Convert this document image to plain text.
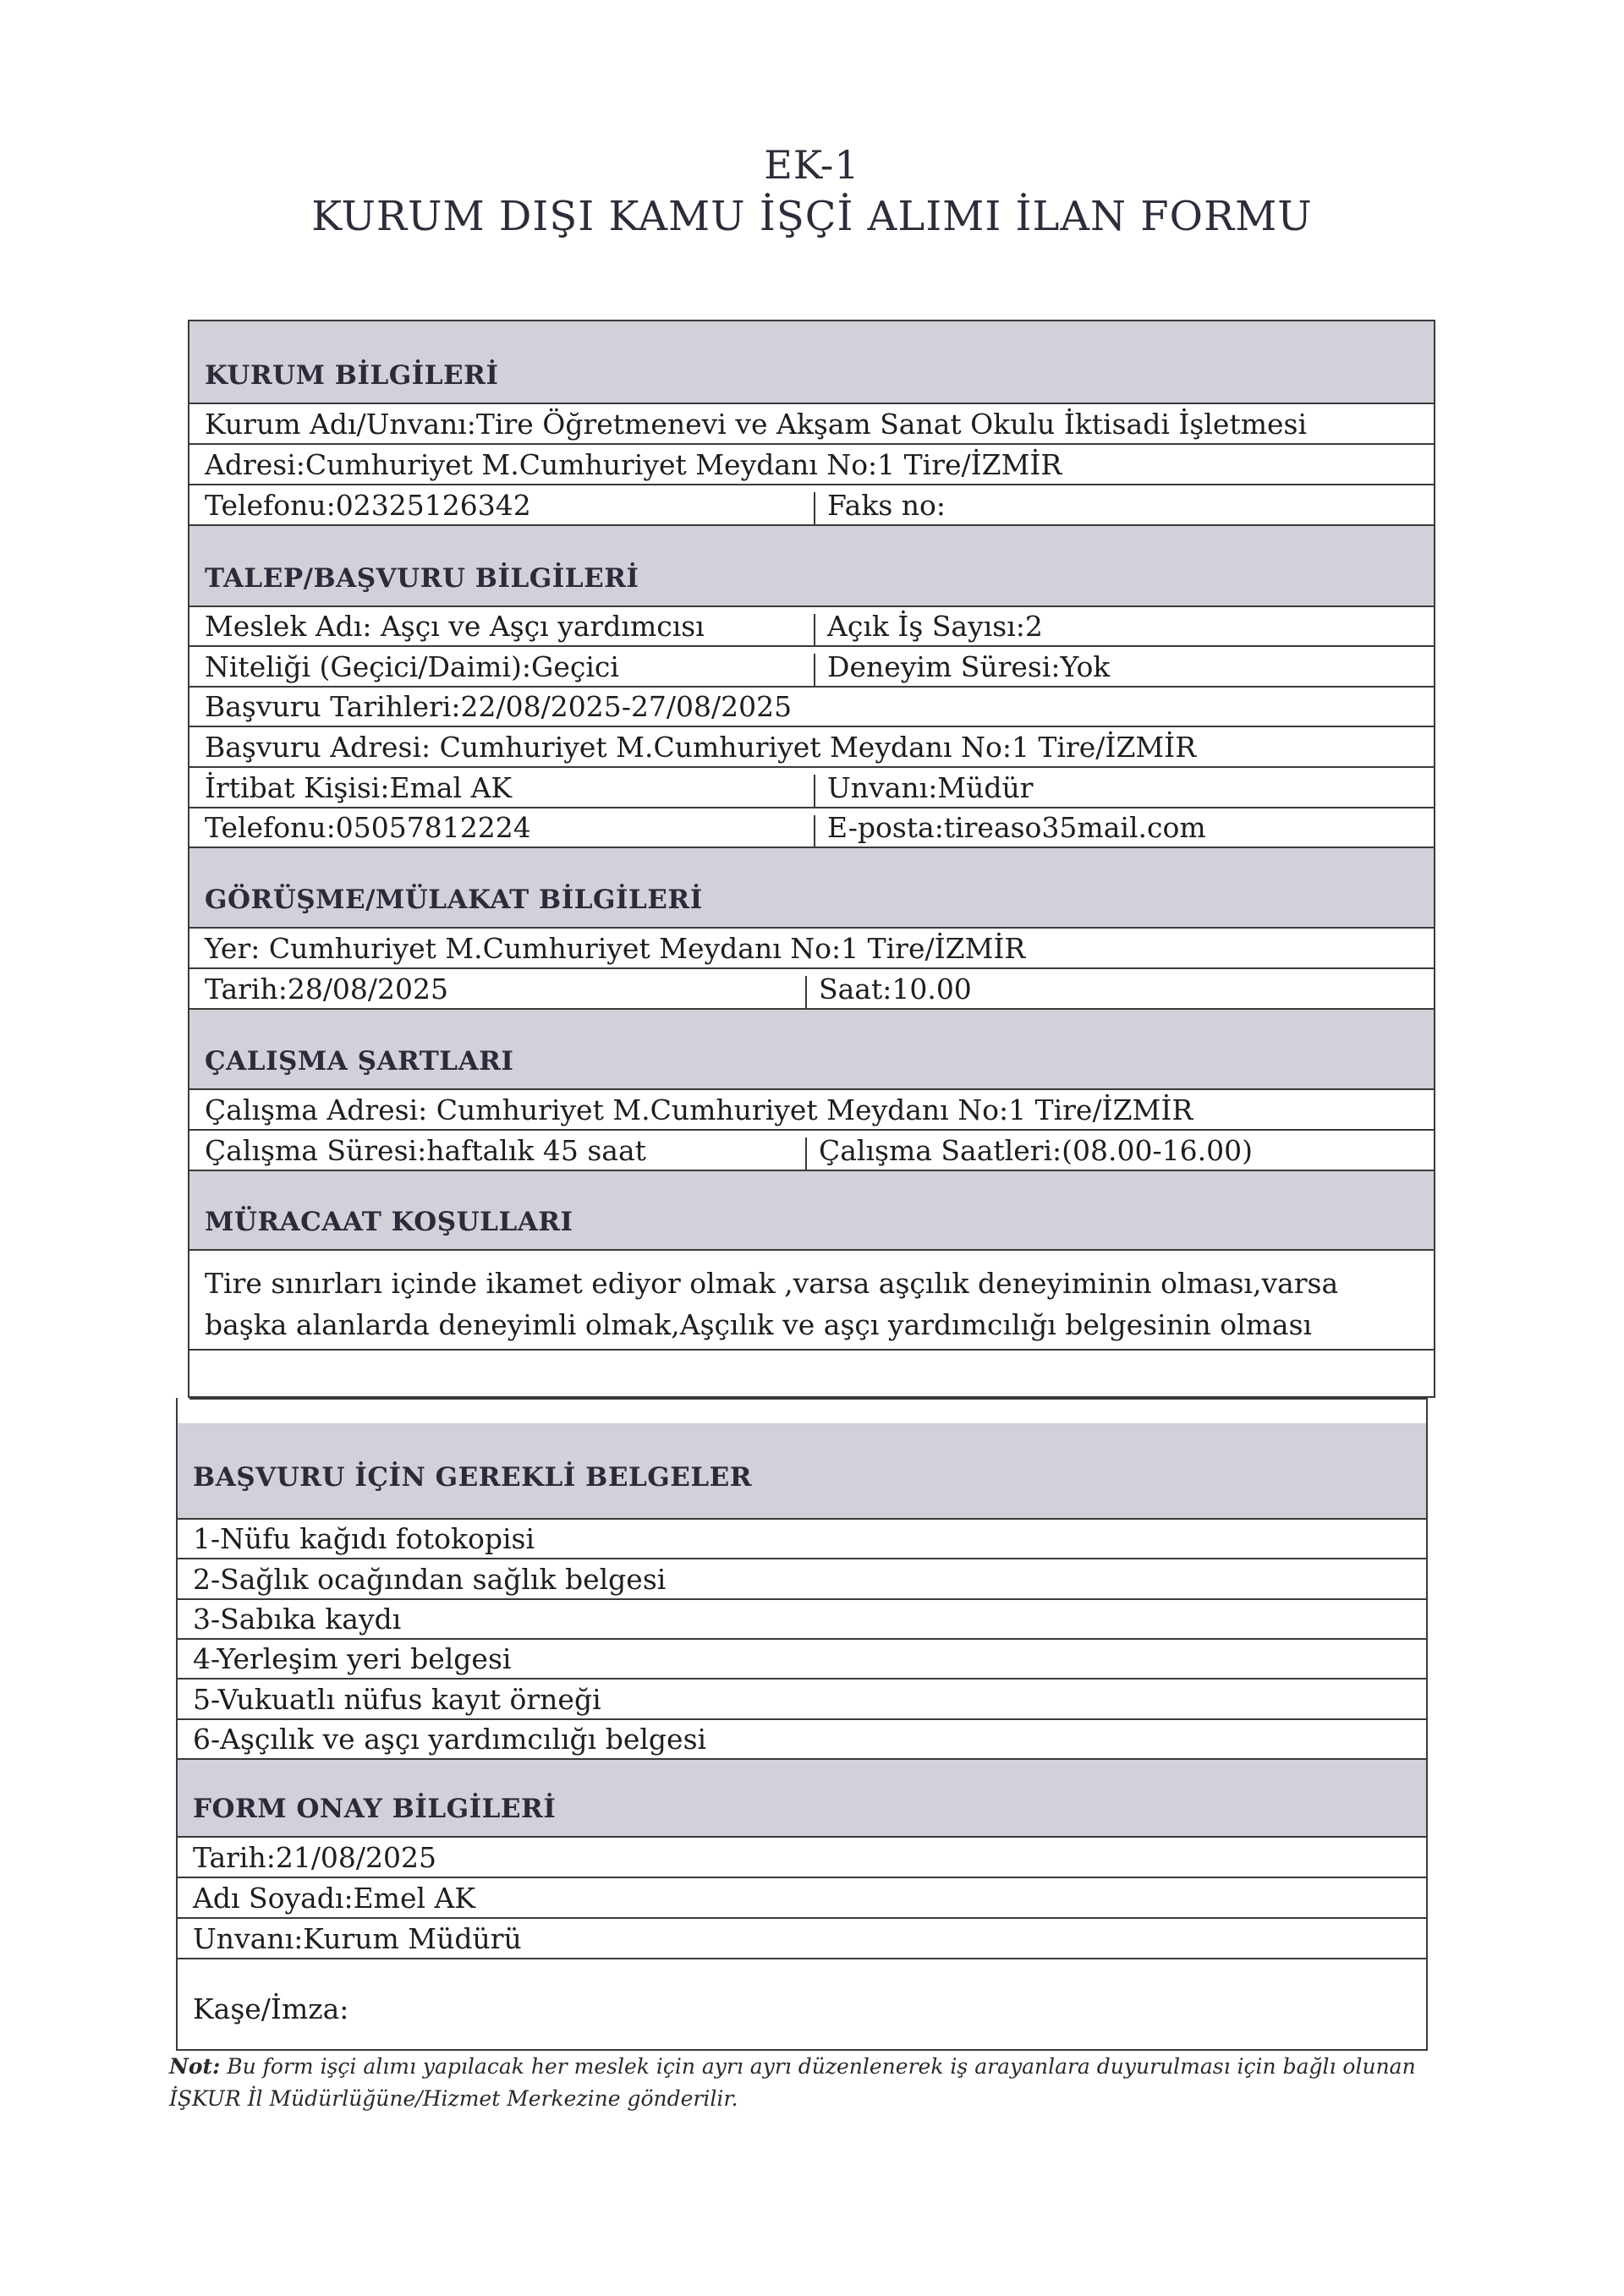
EK-1
KURUM DIŞI KAMU İŞÇİ ALIMI İLAN FORMU
KURUM BİLGİLERİ
Kurum Adı/Unvanı:Tire Öğretmenevi ve Akşam Sanat Okulu İktisadi İşletmesi
Adresi:Cumhuriyet M.Cumhuriyet Meydanı No:1 Tire/İZMİR
Telefonu:02325126342	Faks no:
TALEP/BAŞVURU BİLGİLERİ
Meslek Adı: Aşçı ve Aşçı yardımcısı	Açık İş Sayısı:2
Niteliği (Geçici/Daimi):Geçici	Deneyim Süresi:Yok
Başvuru Tarihleri:22/08/2025-27/08/2025
Başvuru Adresi: Cumhuriyet M.Cumhuriyet Meydanı No:1 Tire/İZMİR
İrtibat Kişisi:Emal AK	Unvanı:Müdür
Telefonu:05057812224	E-posta:tireaso35mail.com
GÖRÜŞME/MÜLAKAT BİLGİLERİ
Yer: Cumhuriyet M.Cumhuriyet Meydanı No:1 Tire/İZMİR
Tarih:28/08/2025	Saat:10.00
ÇALIŞMA ŞARTLARI
Çalışma Adresi: Cumhuriyet M.Cumhuriyet Meydanı No:1 Tire/İZMİR
Çalışma Süresi:haftalık 45 saat	Çalışma Saatleri:(08.00-16.00)
MÜRACAAT KOŞULLARI
Tire sınırları içinde ikamet ediyor olmak ,varsa aşçılık deneyiminin olması,varsa
başka alanlarda deneyimli olmak,Aşçılık ve aşçı yardımcılığı belgesinin olması
BAŞVURU İÇİN GEREKLİ BELGELER
1-Nüfu kağıdı fotokopisi
2-Sağlık ocağından sağlık belgesi
3-Sabıka kaydı
4-Yerleşim yeri belgesi
5-Vukuatlı nüfus kayıt örneği
6-Aşçılık ve aşçı yardımcılığı belgesi
FORM ONAY BİLGİLERİ
Tarih:21/08/2025
Adı Soyadı:Emel AK
Unvanı:Kurum Müdürü
Kaşe/İmza:
Not: Bu form işçi alımı yapılacak her meslek için ayrı ayrı düzenlenerek iş arayanlara duyurulması için bağlı olunan İŞKUR İl Müdürlüğüne/Hizmet Merkezine gönderilir.
